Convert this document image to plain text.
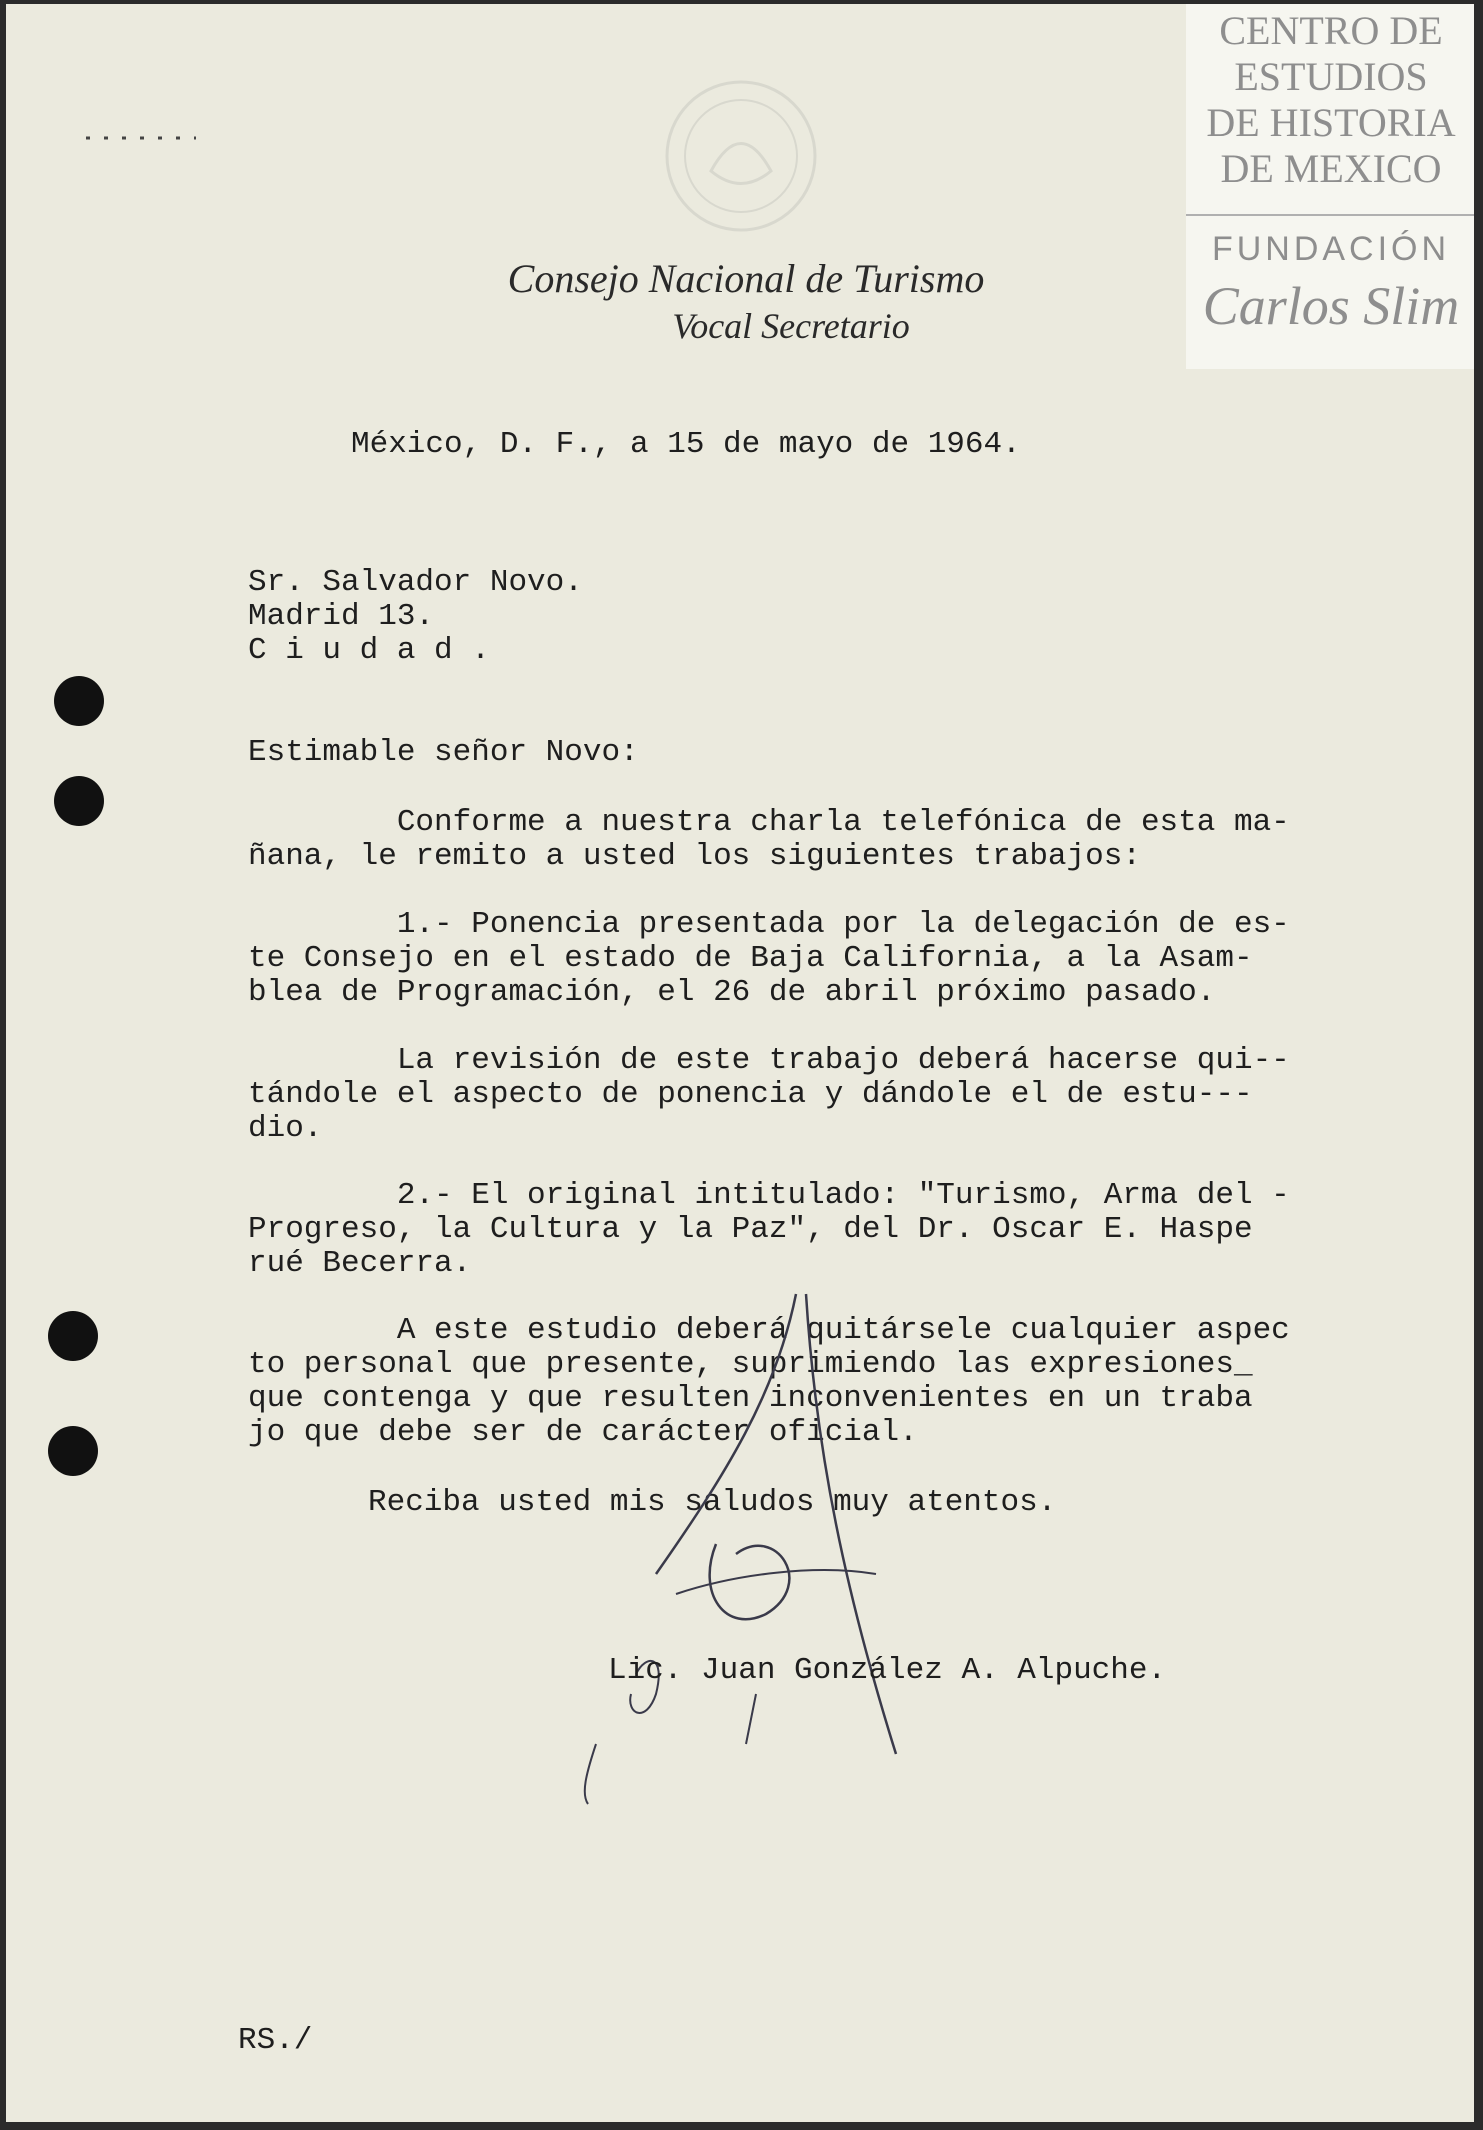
CENTRO DE
ESTUDIOS
DE HISTORIA
DE MEXICO
FUNDACIÓN
Carlos Slim
Consejo Nacional de Turismo
Vocal Secretario

México, D. F., a 15 de mayo de 1964.

Sr. Salvador Novo.

Madrid 13.

C i u d a d .

Estimable señor Novo:

Conforme a nuestra charla telefónica de esta ma-
ñana, le remito a usted los siguientes trabajos:

1.- Ponencia presentada por la delegación de es-
te Consejo en el estado de Baja California, a la Asam-
blea de Programación, el 26 de abril próximo pasado.

La revisión de este trabajo deberá hacerse qui--
tándole el aspecto de ponencia y dándole el de estu---
dio.

2.- El original intitulado: "Turismo, Arma del -
Progreso, la Cultura y la Paz", del Dr. Oscar E. Haspe
rué Becerra.

A este estudio deberá quitársele cualquier aspec
to personal que presente, suprimiendo las expresiones_
que contenga y que resulten inconvenientes en un traba
jo que debe ser de carácter oficial.

Reciba usted mis saludos muy atentos.

Lic. Juan González A. Alpuche.

RS./
